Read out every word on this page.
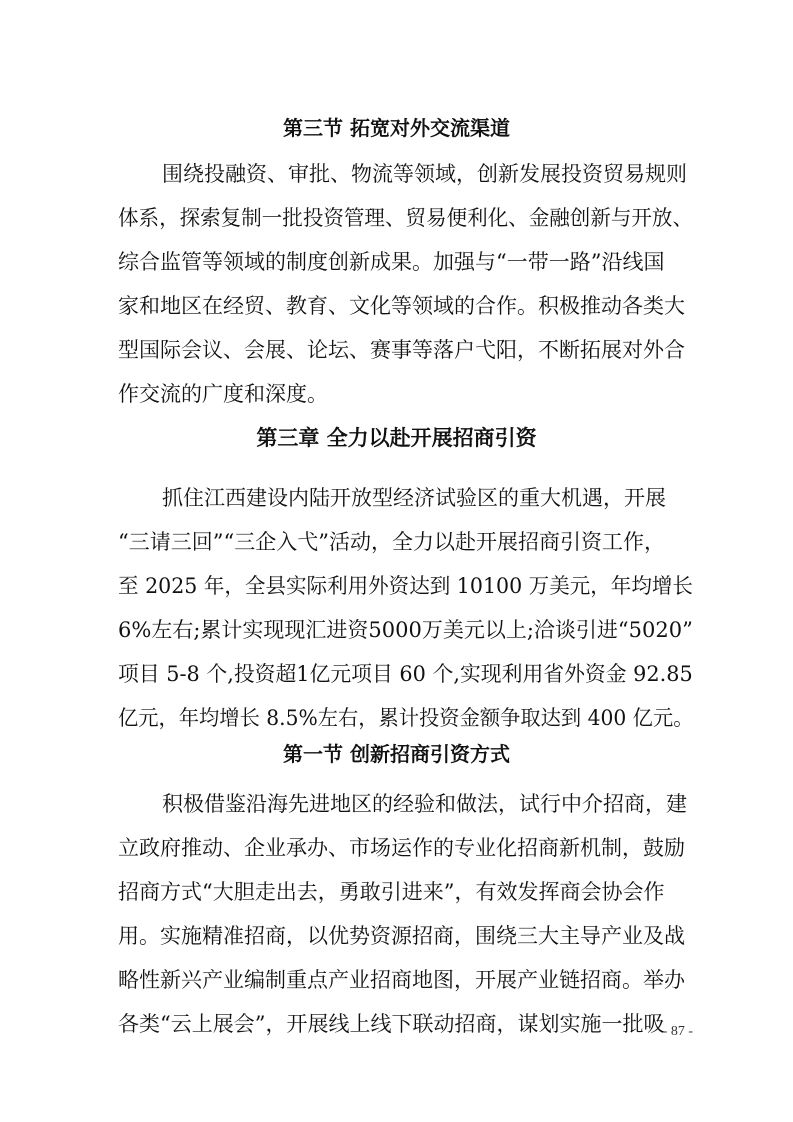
第三节 拓宽对外交流渠道
围绕投融资、审批、物流等领域，创新发展投资贸易规则
体系，探索复制一批投资管理、贸易便利化、金融创新与开放、
综合监管等领域的制度创新成果。加强与“一带一路”沿线国
家和地区在经贸、教育、文化等领域的合作。积极推动各类大
型国际会议、会展、论坛、赛事等落户弋阳，不断拓展对外合
作交流的广度和深度。
第三章 全力以赴开展招商引资
抓住江西建设内陆开放型经济试验区的重大机遇，开展
“三请三回”“三企入弋”活动，全力以赴开展招商引资工作，
至 2025 年，全县实际利用外资达到 10100 万美元，年均增长
6%左右;累计实现现汇进资5000万美元以上;洽谈引进“5020”
项目 5-8 个,投资超1亿元项目 60 个,实现利用省外资金 92.85
亿元，年均增长 8.5%左右，累计投资金额争取达到 400 亿元。
第一节 创新招商引资方式
积极借鉴沿海先进地区的经验和做法，试行中介招商，建
立政府推动、企业承办、市场运作的专业化招商新机制，鼓励
招商方式“大胆走出去，勇敢引进来”，有效发挥商会协会作
用。实施精准招商，以优势资源招商，围绕三大主导产业及战
略性新兴产业编制重点产业招商地图，开展产业链招商。举办
各类“云上展会”，开展线上线下联动招商，谋划实施一批吸
- 87 -
